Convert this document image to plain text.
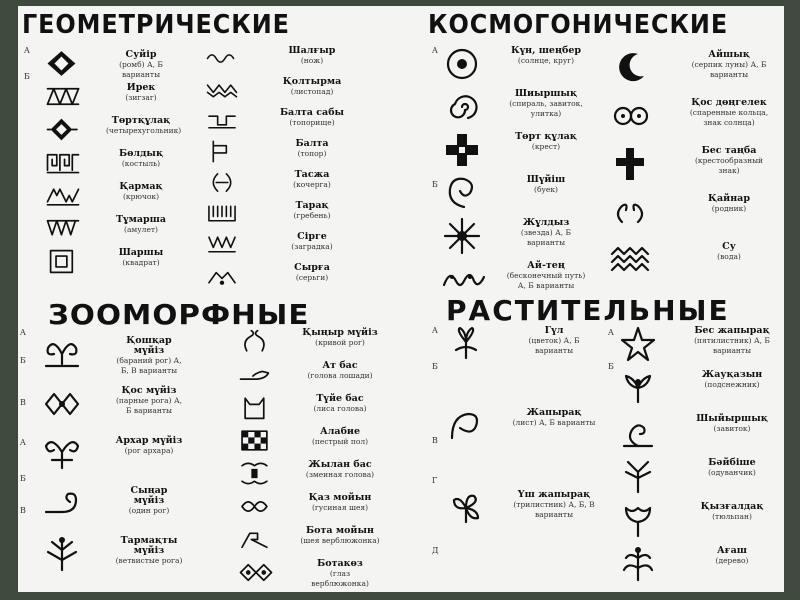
ГЕОМЕТРИЧЕСКИЕ	КОСМОГОНИЧЕСКИЕ
ЗООМОРФНЫЕ	РАСТИТЕЛЬНЫЕ
Суйір
(ромб) А, Б варианты
Ирек
(зигзаг)
Төртқұлақ
(четырехугольник)
Бөлдық
(костыль)
Қармақ
(крючок)
Тұмарша
(амулет)
Шаршы
(квадрат)
Шалғыр
(нож)
Қолтырма
(листопад)
Балта сабы
(топорище)
Балта
(топор)
Тасжа
(кочерга)
Тарақ
(гребень)
Сірге
(заградка)
Сырға
(серьги)
Күн, шеңбер
(солнце, круг)
Шиыршық
(спираль, завиток, улитка)
Төрт құлақ
(крест)
Шүйіш
(буек)
Жұлдыз
(звезда) А, Б варианты
Ай-тең
(бесконечный путь) А, Б варианты
Айшық
(серпик луны) А, Б варианты
Қос дөңгелек
(спаренные кольца, знак солнца)
Бес таңба
(крестообразный знак)
Қайнар
(родник)
Су
(вода)
Қошқар мүйіз
(бараний рог) А, Б, В варианты
Қос мүйіз
(парные рога) А, Б варианты
Архар мүйіз
(рог архара)
Сыңар мүйіз
(один рог)
Тармақты мүйіз
(ветвистые рога)
Қыңыр мүйіз
(кривой рог)
Ат бас
(голова лошади)
Түйе бас
(лиса голова)
Алабие
(пестрый пол)
Жылан бас
(змеиная голова)
Қаз мойын
(гусиная шея)
Бота мойын
(шея верблюжонка)
Ботакөз
(глаз верблюжонка)
Гүл
(цветок) А, Б варианты
Жапырақ
(лист) А, Б варианты
Үш жапырақ
(трилистник) А, Б, В варианты
Бес жапырақ
(пятилистник) А, Б варианты
Жауқазын
(подснежник)
Шыйыршық
(завиток)
Бәйбіше
(одуванчик)
Қызғалдақ
(тюльпан)
Ағаш
(дерево)
A
Б
A
Б
A
Б
В
A
Б
В
A
Б
В
Г
Д
A
Б
